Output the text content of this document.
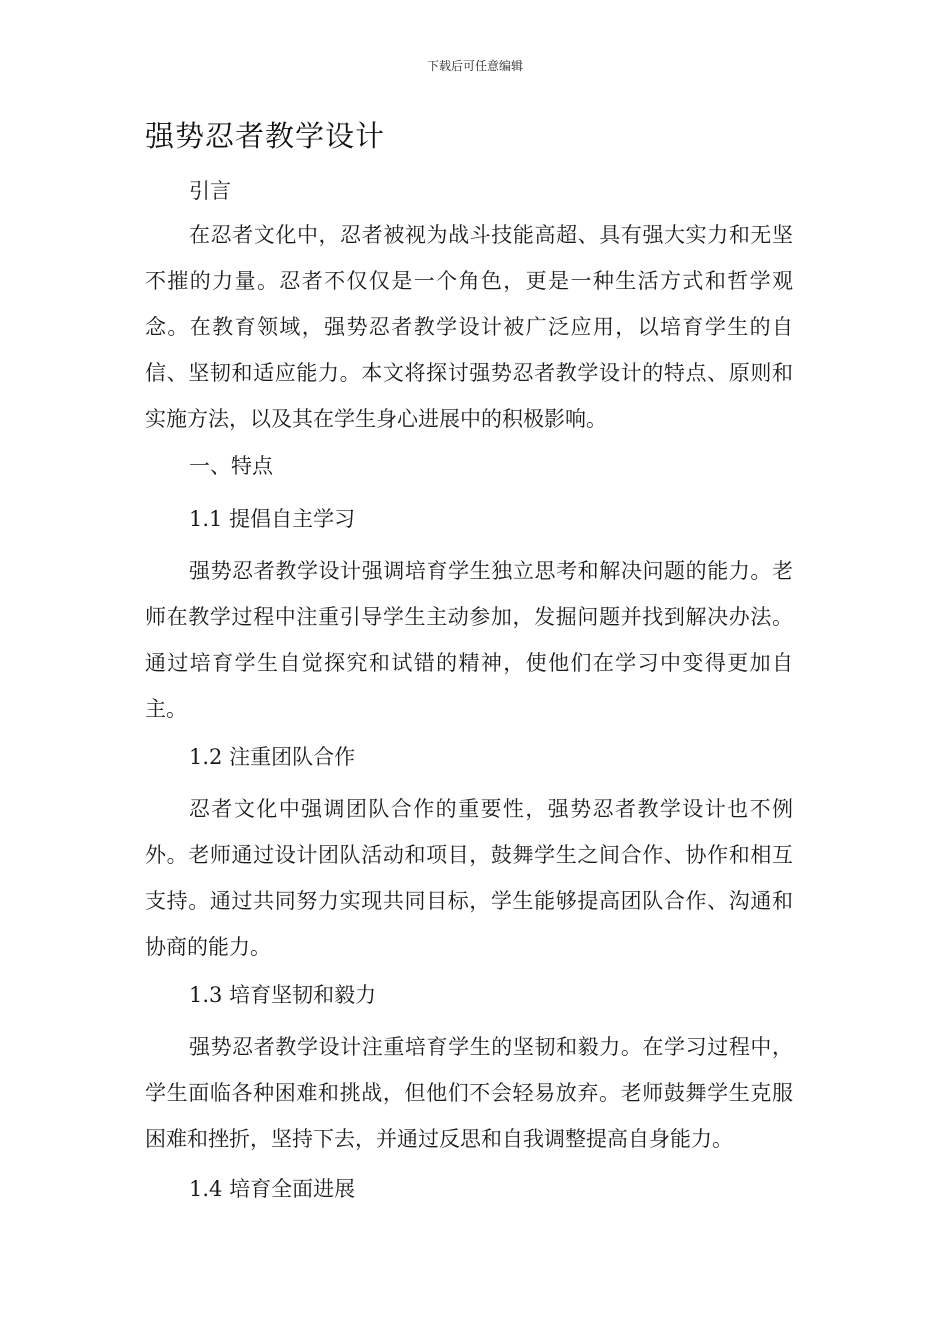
下载后可任意编辑
强势忍者教学设计
引言

在忍者文化中，忍者被视为战斗技能高超、具有强大实力和无坚不摧的力量。忍者不仅仅是一个角色，更是一种生活方式和哲学观念。在教育领域，强势忍者教学设计被广泛应用，以培育学生的自信、坚韧和适应能力。本文将探讨强势忍者教学设计的特点、原则和实施方法，以及其在学生身心进展中的积极影响。

一、特点
1.1 提倡自主学习

强势忍者教学设计强调培育学生独立思考和解决问题的能力。老师在教学过程中注重引导学生主动参加，发掘问题并找到解决办法。通过培育学生自觉探究和试错的精神，使他们在学习中变得更加自主。

1.2 注重团队合作

忍者文化中强调团队合作的重要性，强势忍者教学设计也不例外。老师通过设计团队活动和项目，鼓舞学生之间合作、协作和相互支持。通过共同努力实现共同目标，学生能够提高团队合作、沟通和协商的能力。

1.3 培育坚韧和毅力

强势忍者教学设计注重培育学生的坚韧和毅力。在学习过程中，学生面临各种困难和挑战，但他们不会轻易放弃。老师鼓舞学生克服困难和挫折，坚持下去，并通过反思和自我调整提高自身能力。

1.4 培育全面进展
